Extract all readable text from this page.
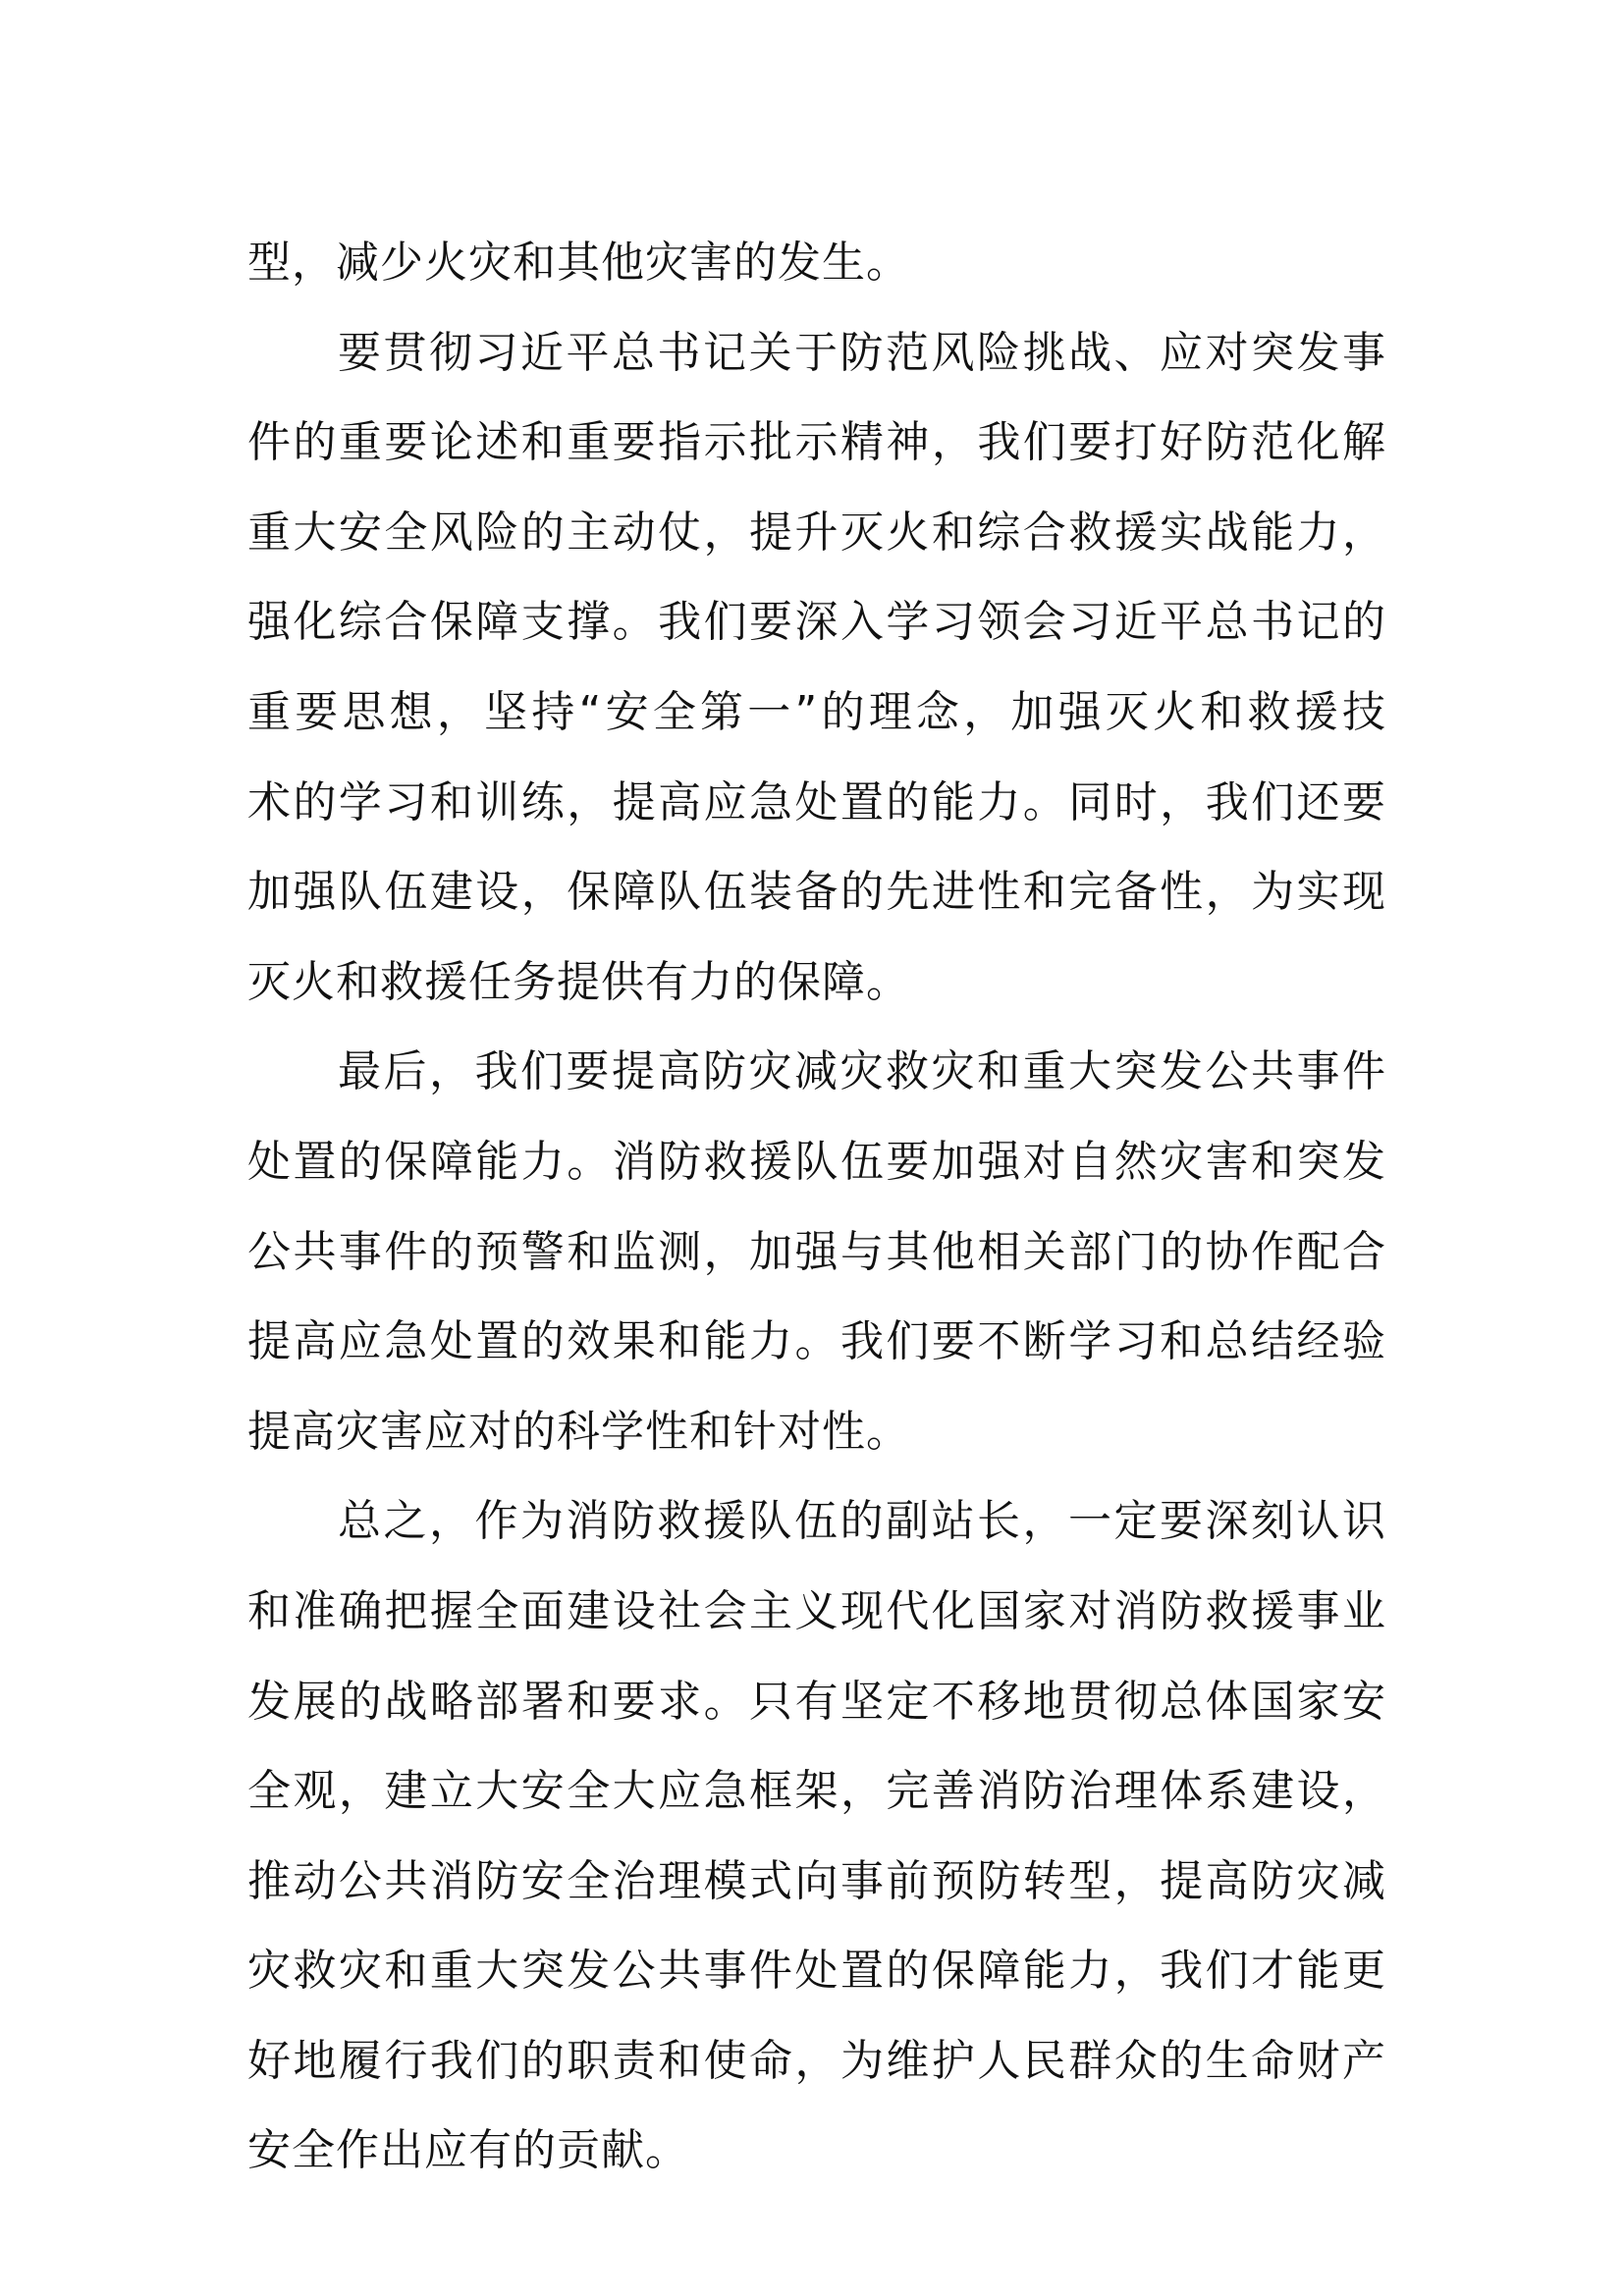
型，减少火灾和其他灾害的发生。
要贯彻习近平总书记关于防范风险挑战、应对突发事
件的重要论述和重要指示批示精神，我们要打好防范化解
重大安全风险的主动仗，提升灭火和综合救援实战能力，
强化综合保障支撑。我们要深入学习领会习近平总书记的
重要思想，坚持“安全第一”的理念，加强灭火和救援技
术的学习和训练，提高应急处置的能力。同时，我们还要
加强队伍建设，保障队伍装备的先进性和完备性，为实现
灭火和救援任务提供有力的保障。
最后，我们要提高防灾减灾救灾和重大突发公共事件
处置的保障能力。消防救援队伍要加强对自然灾害和突发
公共事件的预警和监测，加强与其他相关部门的协作配合
提高应急处置的效果和能力。我们要不断学习和总结经验
提高灾害应对的科学性和针对性。
总之，作为消防救援队伍的副站长，一定要深刻认识
和准确把握全面建设社会主义现代化国家对消防救援事业
发展的战略部署和要求。只有坚定不移地贯彻总体国家安
全观，建立大安全大应急框架，完善消防治理体系建设，
推动公共消防安全治理模式向事前预防转型，提高防灾减
灾救灾和重大突发公共事件处置的保障能力，我们才能更
好地履行我们的职责和使命，为维护人民群众的生命财产
安全作出应有的贡献。
